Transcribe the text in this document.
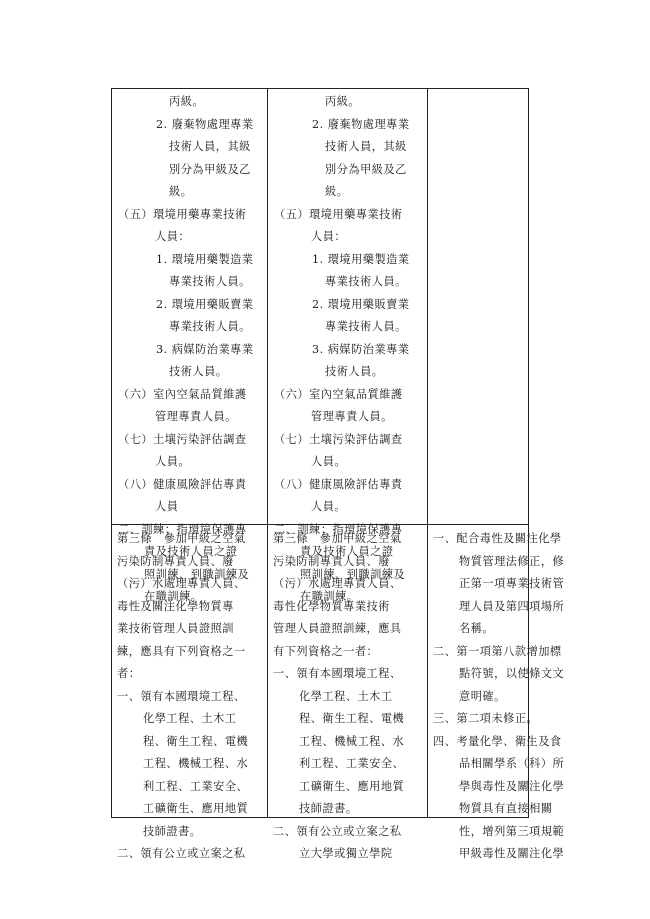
丙級。
2. 廢棄物處理專業
技術人員，其級
別分為甲級及乙
級。
（五）環境用藥專業技術
人員：
1. 環境用藥製造業
專業技術人員。
2. 環境用藥販賣業
專業技術人員。
3. 病媒防治業專業
技術人員。
（六）室內空氣品質維護
管理專責人員。
（七）土壤污染評估調查
人員。
（八）健康風險評估專責
人員
二、訓練：指環境保護專
責及技術人員之證
照訓練、到職訓練及
在職訓練。
丙級。
2. 廢棄物處理專業
技術人員，其級
別分為甲級及乙
級。
（五）環境用藥專業技術
人員：
1. 環境用藥製造業
專業技術人員。
2. 環境用藥販賣業
專業技術人員。
3. 病媒防治業專業
技術人員。
（六）室內空氣品質維護
管理專責人員。
（七）土壤污染評估調查
人員。
（八）健康風險評估專責
人員。
二、訓練：指環境保護專
責及技術人員之證
照訓練、到職訓練及
在職訓練。
第三條　參加甲級之空氣
污染防制專責人員、廢
（污）水處理專責人員、
毒性及關注化學物質專
業技術管理人員證照訓
練，應具有下列資格之一
者：
一、領有本國環境工程、
化學工程、土木工
程、衛生工程、電機
工程、機械工程、水
利工程、工業安全、
工礦衛生、應用地質
技師證書。
二、領有公立或立案之私
第三條　參加甲級之空氣
污染防制專責人員、廢
（污）水處理專責人員、
毒性化學物質專業技術
管理人員證照訓練，應具
有下列資格之一者：
一、領有本國環境工程、
化學工程、土木工
程、衛生工程、電機
工程、機械工程、水
利工程、工業安全、
工礦衛生、應用地質
技師證書。
二、領有公立或立案之私
立大學或獨立學院
一、配合毒性及關注化學
物質管理法修正，修
正第一項專業技術管
理人員及第四項場所
名稱。
二、第一項第八款增加標
點符號，以使條文文
意明確。
三、第二項未修正。
四、考量化學、衛生及食
品相關學系（科）所
學與毒性及關注化學
物質具有直接相關
性，增列第三項規範
甲級毒性及關注化學
